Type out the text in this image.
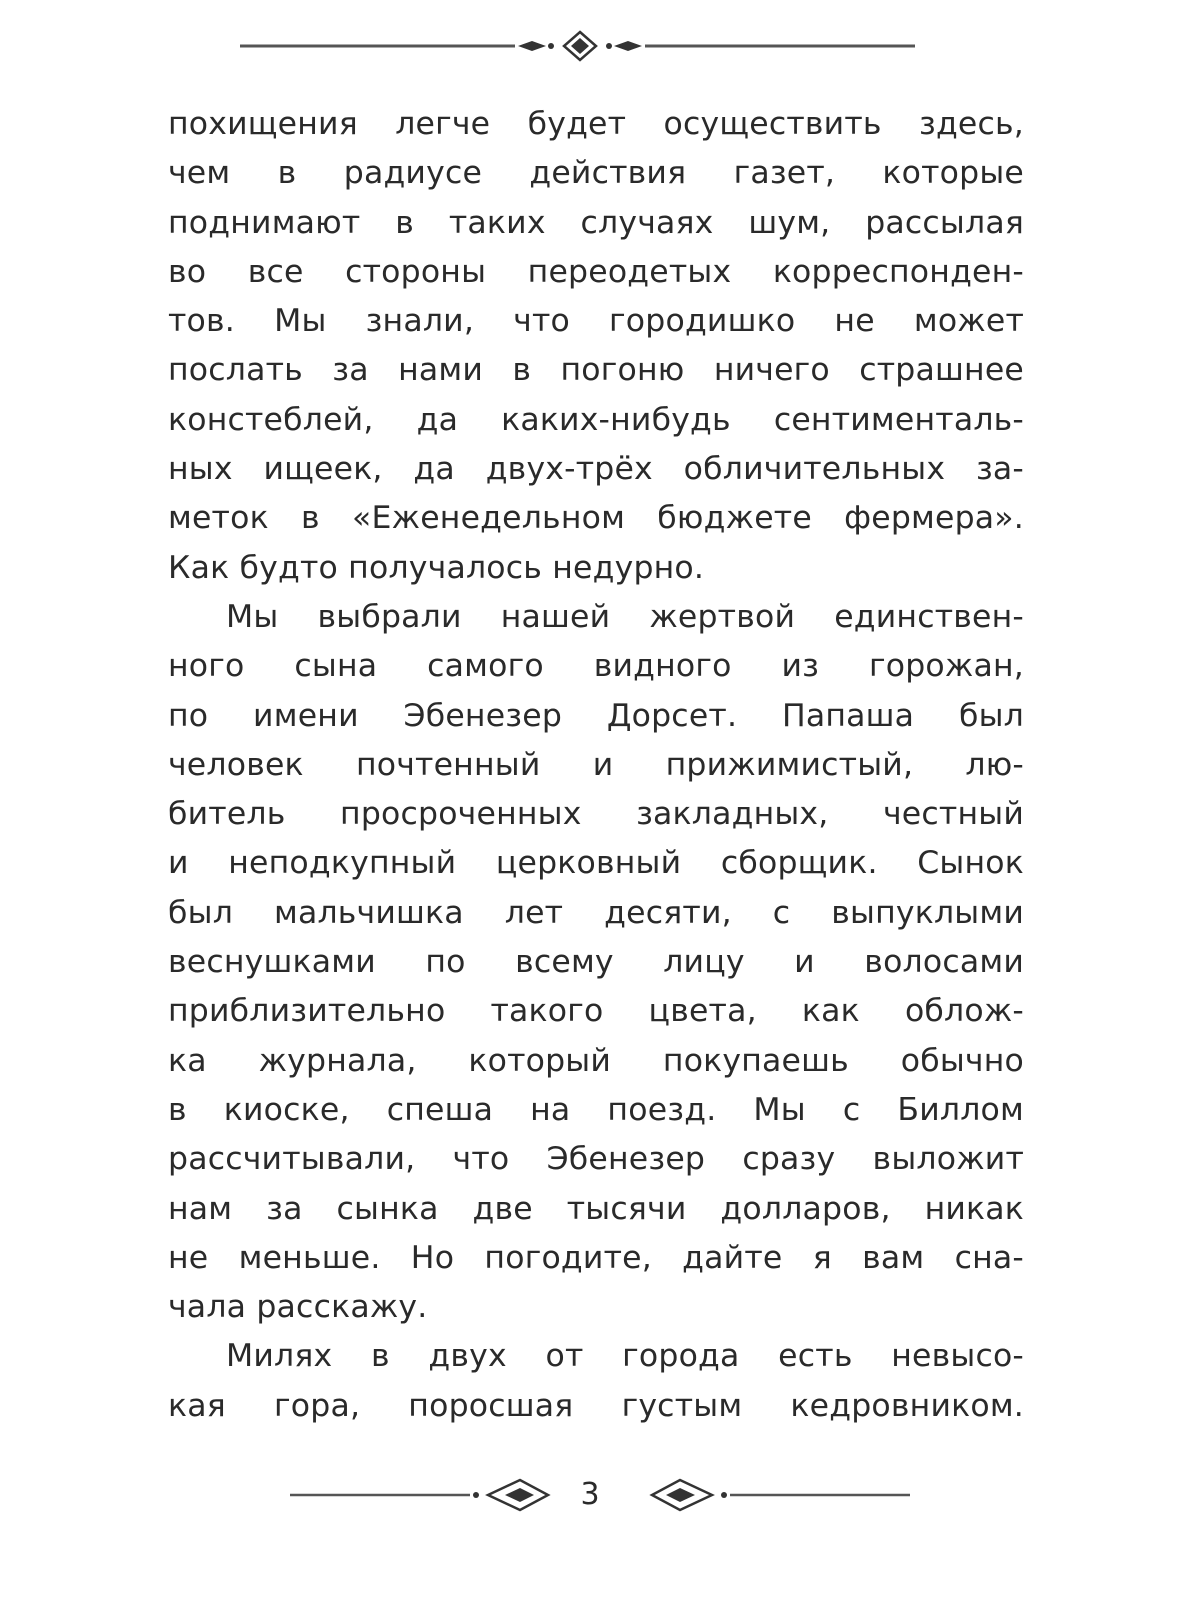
похищения легче будет осуществить здесь,
чем в радиусе действия газет, которые
поднимают в таких случаях шум, рассылая
во все стороны переодетых корреспонден-
тов. Мы знали, что городишко не может
послать за нами в погоню ничего страшнее
констеблей, да каких-нибудь сентименталь-
ных ищеек, да двух-трёх обличительных за-
меток в «Еженедельном бюджете фермера».
Как будто получалось недурно.
Мы выбрали нашей жертвой единствен-
ного сына самого видного из горожан,
по имени Эбенезер Дорсет. Папаша был
человек почтенный и прижимистый, лю-
битель просроченных закладных, честный
и неподкупный церковный сборщик. Сынок
был мальчишка лет десяти, с выпуклыми
веснушками по всему лицу и волосами
приблизительно такого цвета, как облож-
ка журнала, который покупаешь обычно
в киоске, спеша на поезд. Мы с Биллом
рассчитывали, что Эбенезер сразу выложит
нам за сынка две тысячи долларов, никак
не меньше. Но погодите, дайте я вам сна-
чала расскажу.
Милях в двух от города есть невысо-
кая гора, поросшая густым кедровником.
3
